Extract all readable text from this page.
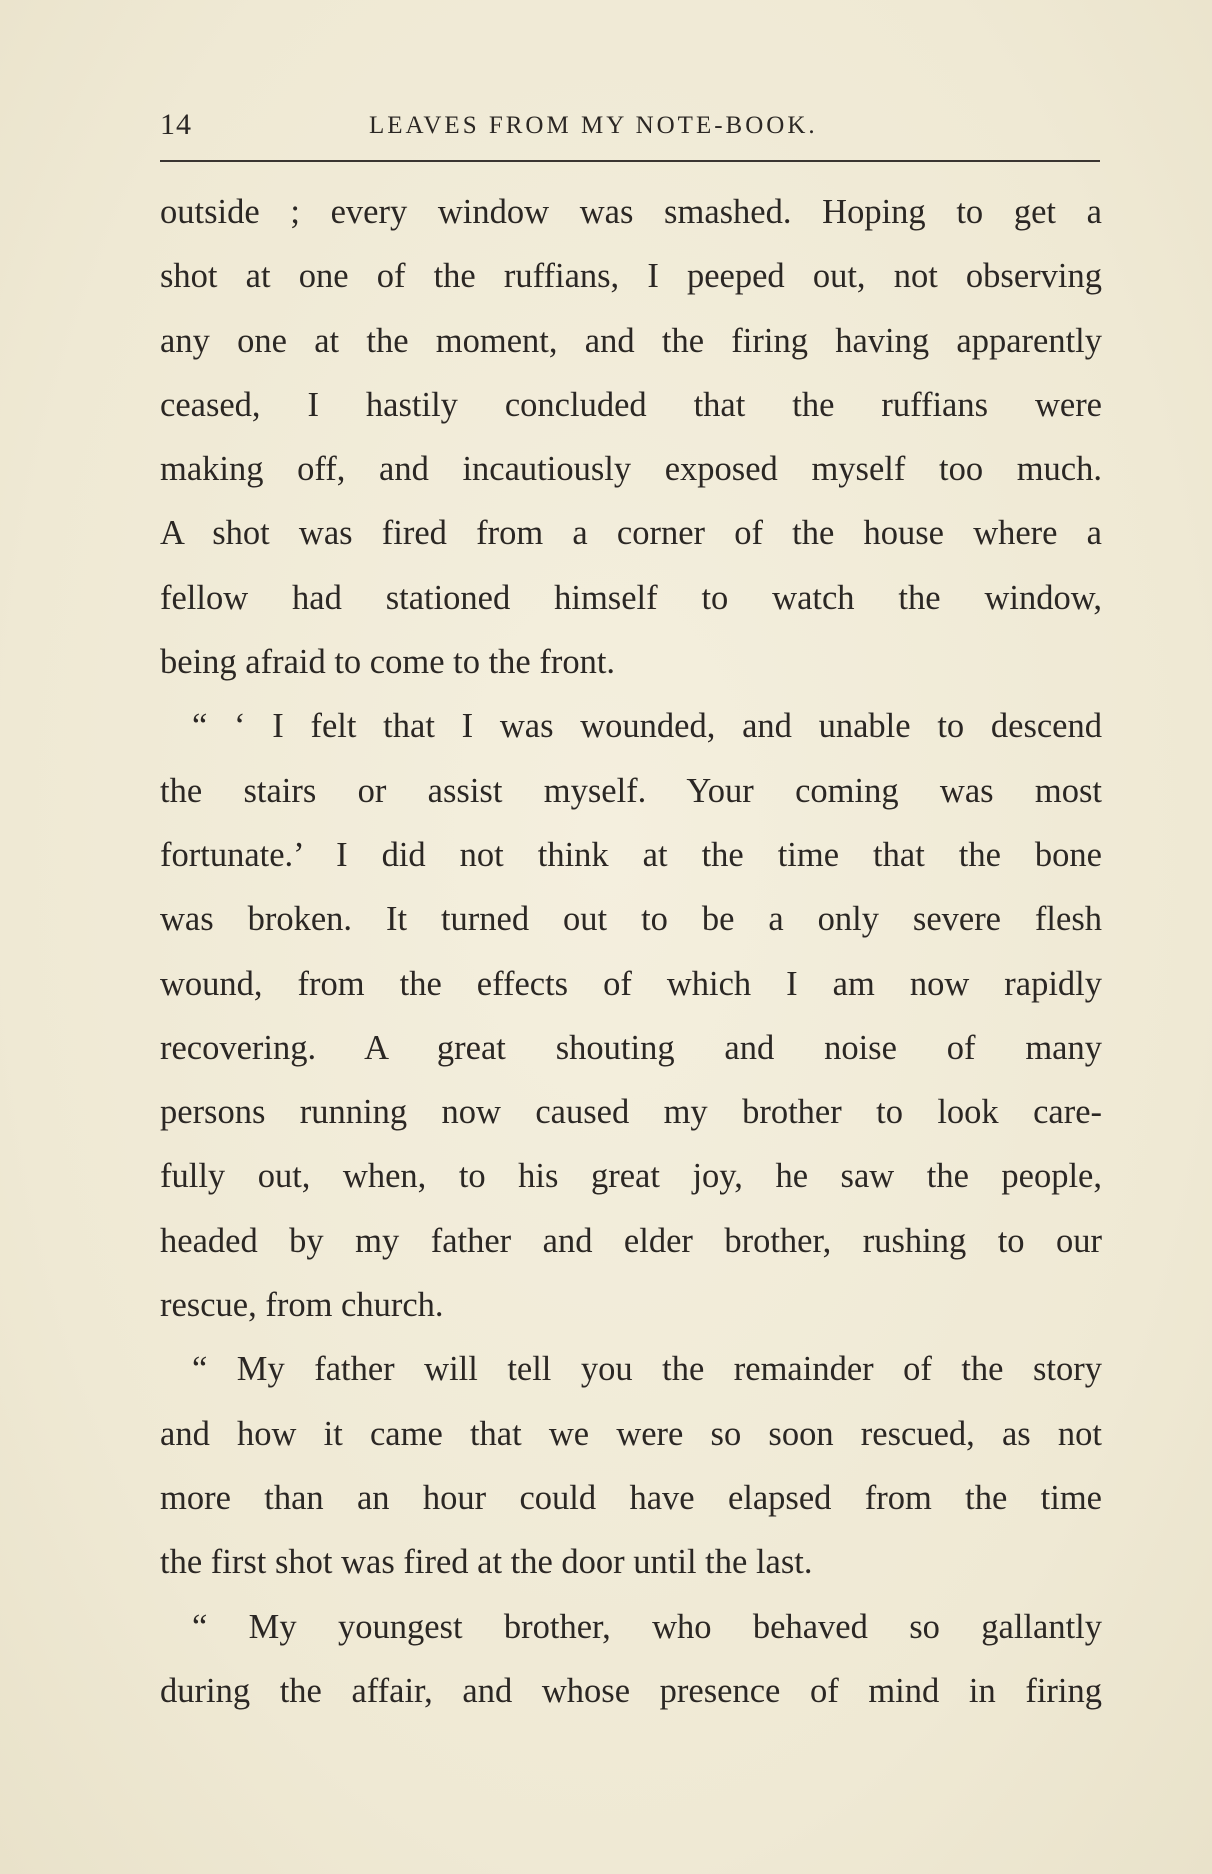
14	LEAVES FROM MY NOTE-BOOK.
outside ; every window was smashed. Hoping to get a
shot at one of the ruffians, I peeped out, not observing
any one at the moment, and the firing having apparently
ceased, I hastily concluded that the ruffians were
making off, and incautiously exposed myself too much.
A shot was fired from a corner of the house where a
fellow had stationed himself to watch the window,
being afraid to come to the front.
“ ‘ I felt that I was wounded, and unable to descend
the stairs or assist myself. Your coming was most
fortunate.’ I did not think at the time that the bone
was broken. It turned out to be a only severe flesh
wound, from the effects of which I am now rapidly
recovering. A great shouting and noise of many
persons running now caused my brother to look care-
fully out, when, to his great joy, he saw the people,
headed by my father and elder brother, rushing to our
rescue, from church.
“ My father will tell you the remainder of the story
and how it came that we were so soon rescued, as not
more than an hour could have elapsed from the time
the first shot was fired at the door until the last.
“ My youngest brother, who behaved so gallantly
during the affair, and whose presence of mind in firing
